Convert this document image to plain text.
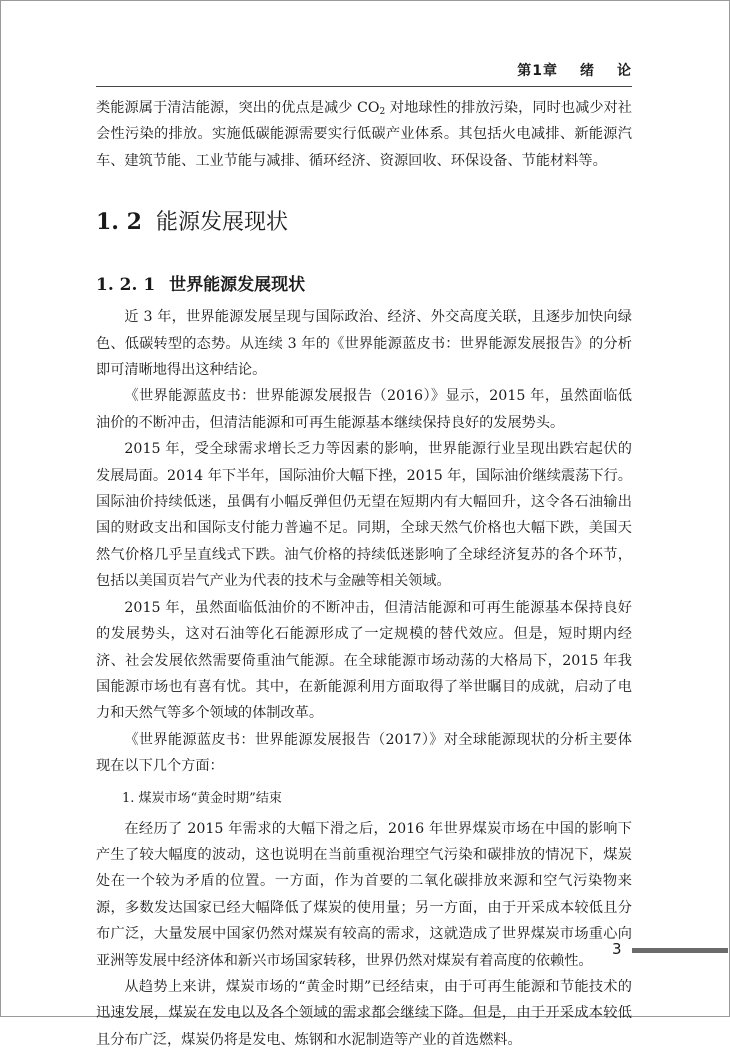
第1章 绪 论

类能源属于清洁能源，突出的优点是减少 $CO_2$ 对地球性的排放污染，同时也减少对社会性污染的排放。实施低碳能源需要实行低碳产业体系。其包括火电减排、新能源汽车、建筑节能、工业节能与减排、循环经济、资源回收、环保设备、节能材料等。

1. 2 能源发展现状
1. 2. 1 世界能源发展现状

近 3 年，世界能源发展呈现与国际政治、经济、外交高度关联，且逐步加快向绿色、低碳转型的态势。从连续 3 年的《世界能源蓝皮书：世界能源发展报告》的分析即可清晰地得出这种结论。

《世界能源蓝皮书：世界能源发展报告（2016）》显示，2015 年，虽然面临低油价的不断冲击，但清洁能源和可再生能源基本继续保持良好的发展势头。

2015 年，受全球需求增长乏力等因素的影响，世界能源行业呈现出跌宕起伏的发展局面。2014 年下半年，国际油价大幅下挫，2015 年，国际油价继续震荡下行。国际油价持续低迷，虽偶有小幅反弹但仍无望在短期内有大幅回升，这令各石油输出国的财政支出和国际支付能力普遍不足。同期，全球天然气价格也大幅下跌，美国天然气价格几乎呈直线式下跌。油气价格的持续低迷影响了全球经济复苏的各个环节，包括以美国页岩气产业为代表的技术与金融等相关领域。

2015 年，虽然面临低油价的不断冲击，但清洁能源和可再生能源基本保持良好的发展势头，这对石油等化石能源形成了一定规模的替代效应。但是，短时期内经济、社会发展依然需要倚重油气能源。在全球能源市场动荡的大格局下，2015 年我国能源市场也有喜有忧。其中，在新能源利用方面取得了举世瞩目的成就，启动了电力和天然气等多个领域的体制改革。

《世界能源蓝皮书：世界能源发展报告（2017）》对全球能源现状的分析主要体现在以下几个方面：

1. 煤炭市场“黄金时期”结束

在经历了 2015 年需求的大幅下滑之后，2016 年世界煤炭市场在中国的影响下产生了较大幅度的波动，这也说明在当前重视治理空气污染和碳排放的情况下，煤炭处在一个较为矛盾的位置。一方面，作为首要的二氧化碳排放来源和空气污染物来源，多数发达国家已经大幅降低了煤炭的使用量；另一方面，由于开采成本较低且分布广泛，大量发展中国家仍然对煤炭有较高的需求，这就造成了世界煤炭市场重心向亚洲等发展中经济体和新兴市场国家转移，世界仍然对煤炭有着高度的依赖性。

从趋势上来讲，煤炭市场的“黄金时期”已经结束，由于可再生能源和节能技术的迅速发展，煤炭在发电以及各个领域的需求都会继续下降。但是，由于开采成本较低且分布广泛，煤炭仍将是发电、炼钢和水泥制造等产业的首选燃料。

3
